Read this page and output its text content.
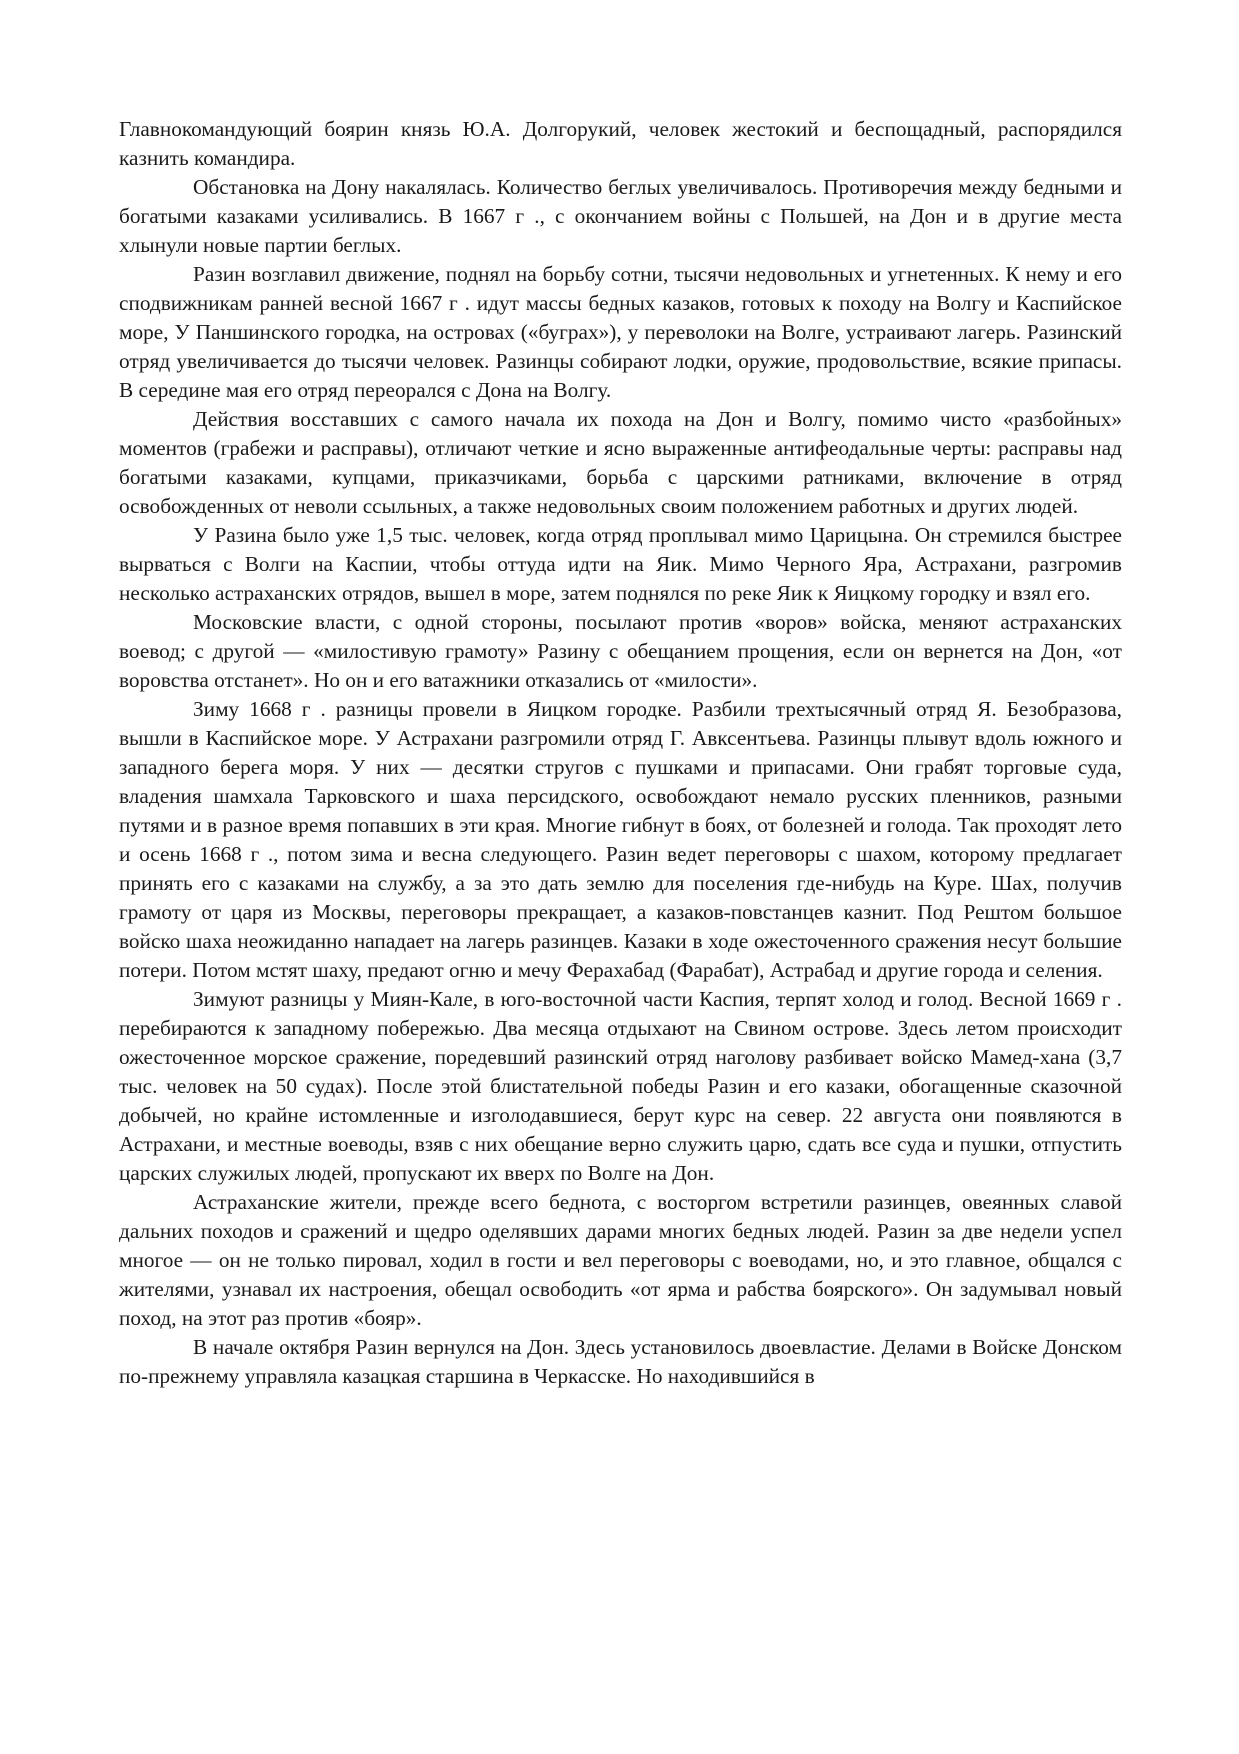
Главнокомандующий боярин князь Ю.А. Долгорукий, человек жестокий и беспощадный, распорядился казнить командира.

Обстановка на Дону накалялась. Количество беглых увеличивалось. Противоречия между бедными и богатыми казаками усиливались. В 1667 г ., с окончанием войны с Польшей, на Дон и в другие места хлынули новые партии беглых.

Разин возглавил движение, поднял на борьбу сотни, тысячи недовольных и угнетенных. К нему и его сподвижникам ранней весной 1667 г . идут массы бедных казаков, готовых к походу на Волгу и Каспийское море, У Паншинского городка, на островах («буграх»), у переволоки на Волге, устраивают лагерь. Разинский отряд увеличивается до тысячи человек. Разинцы собирают лодки, оружие, продовольствие, всякие припасы. В середине мая его отряд переорался с Дона на Волгу.

Действия восставших с самого начала их похода на Дон и Волгу, помимо чисто «разбойных» моментов (грабежи и расправы), отличают четкие и ясно выраженные антифеодальные черты: расправы над богатыми казаками, купцами, приказчиками, борьба с царскими ратниками, включение в отряд освобожденных от неволи ссыльных, а также недовольных своим положением работных и других людей.

У Разина было уже 1,5 тыс. человек, когда отряд проплывал мимо Царицына. Он стремился быстрее вырваться с Волги на Каспии, чтобы оттуда идти на Яик. Мимо Черного Яра, Астрахани, разгромив несколько астраханских отрядов, вышел в море, затем поднялся по реке Яик к Яицкому городку и взял его.

Московские власти, с одной стороны, посылают против «воров» войска, меняют астраханских воевод; с другой — «милостивую грамоту» Разину с обещанием прощения, если он вернется на Дон, «от воровства отстанет». Но он и его ватажники отказались от «милости».

Зиму 1668 г . разницы провели в Яицком городке. Разбили трехтысячный отряд Я. Безобразова, вышли в Каспийское море. У Астрахани разгромили отряд Г. Авксентьева. Разинцы плывут вдоль южного и западного берега моря. У них — десятки стругов с пушками и припасами. Они грабят торговые суда, владения шамхала Тарковского и шаха персидского, освобождают немало русских пленников, разными путями и в разное время попавших в эти края. Многие гибнут в боях, от болезней и голода. Так проходят лето и осень 1668 г ., потом зима и весна следующего. Разин ведет переговоры с шахом, которому предлагает принять его с казаками на службу, а за это дать землю для поселения где-нибудь на Куре. Шах, получив грамоту от царя из Москвы, переговоры прекращает, а казаков-повстанцев казнит. Под Рештом большое войско шаха неожиданно нападает на лагерь разинцев. Казаки в ходе ожесточенного сражения несут большие потери. Потом мстят шаху, предают огню и мечу Ферахабад (Фарабат), Астрабад и другие города и селения.

Зимуют разницы у Миян-Кале, в юго-восточной части Каспия, терпят холод и голод. Весной 1669 г . перебираются к западному побережью. Два месяца отдыхают на Свином острове. Здесь летом происходит ожесточенное морское сражение, поредевший разинский отряд наголову разбивает войско Мамед-хана (3,7 тыс. человек на 50 судах). После этой блистательной победы Разин и его казаки, обогащенные сказочной добычей, но крайне истомленные и изголодавшиеся, берут курс на север. 22 августа они появляются в Астрахани, и местные воеводы, взяв с них обещание верно служить царю, сдать все суда и пушки, отпустить царских служилых людей, пропускают их вверх по Волге на Дон.

Астраханские жители, прежде всего беднота, с восторгом встретили разинцев, овеянных славой дальних походов и сражений и щедро оделявших дарами многих бедных людей. Разин за две недели успел многое — он не только пировал, ходил в гости и вел переговоры с воеводами, но, и это главное, общался с жителями, узнавал их настроения, обещал освободить «от ярма и рабства боярского». Он задумывал новый поход, на этот раз против «бояр».

В начале октября Разин вернулся на Дон. Здесь установилось двоевластие. Делами в Войске Донском по-прежнему управляла казацкая старшина в Черкасске. Но находившийся в
